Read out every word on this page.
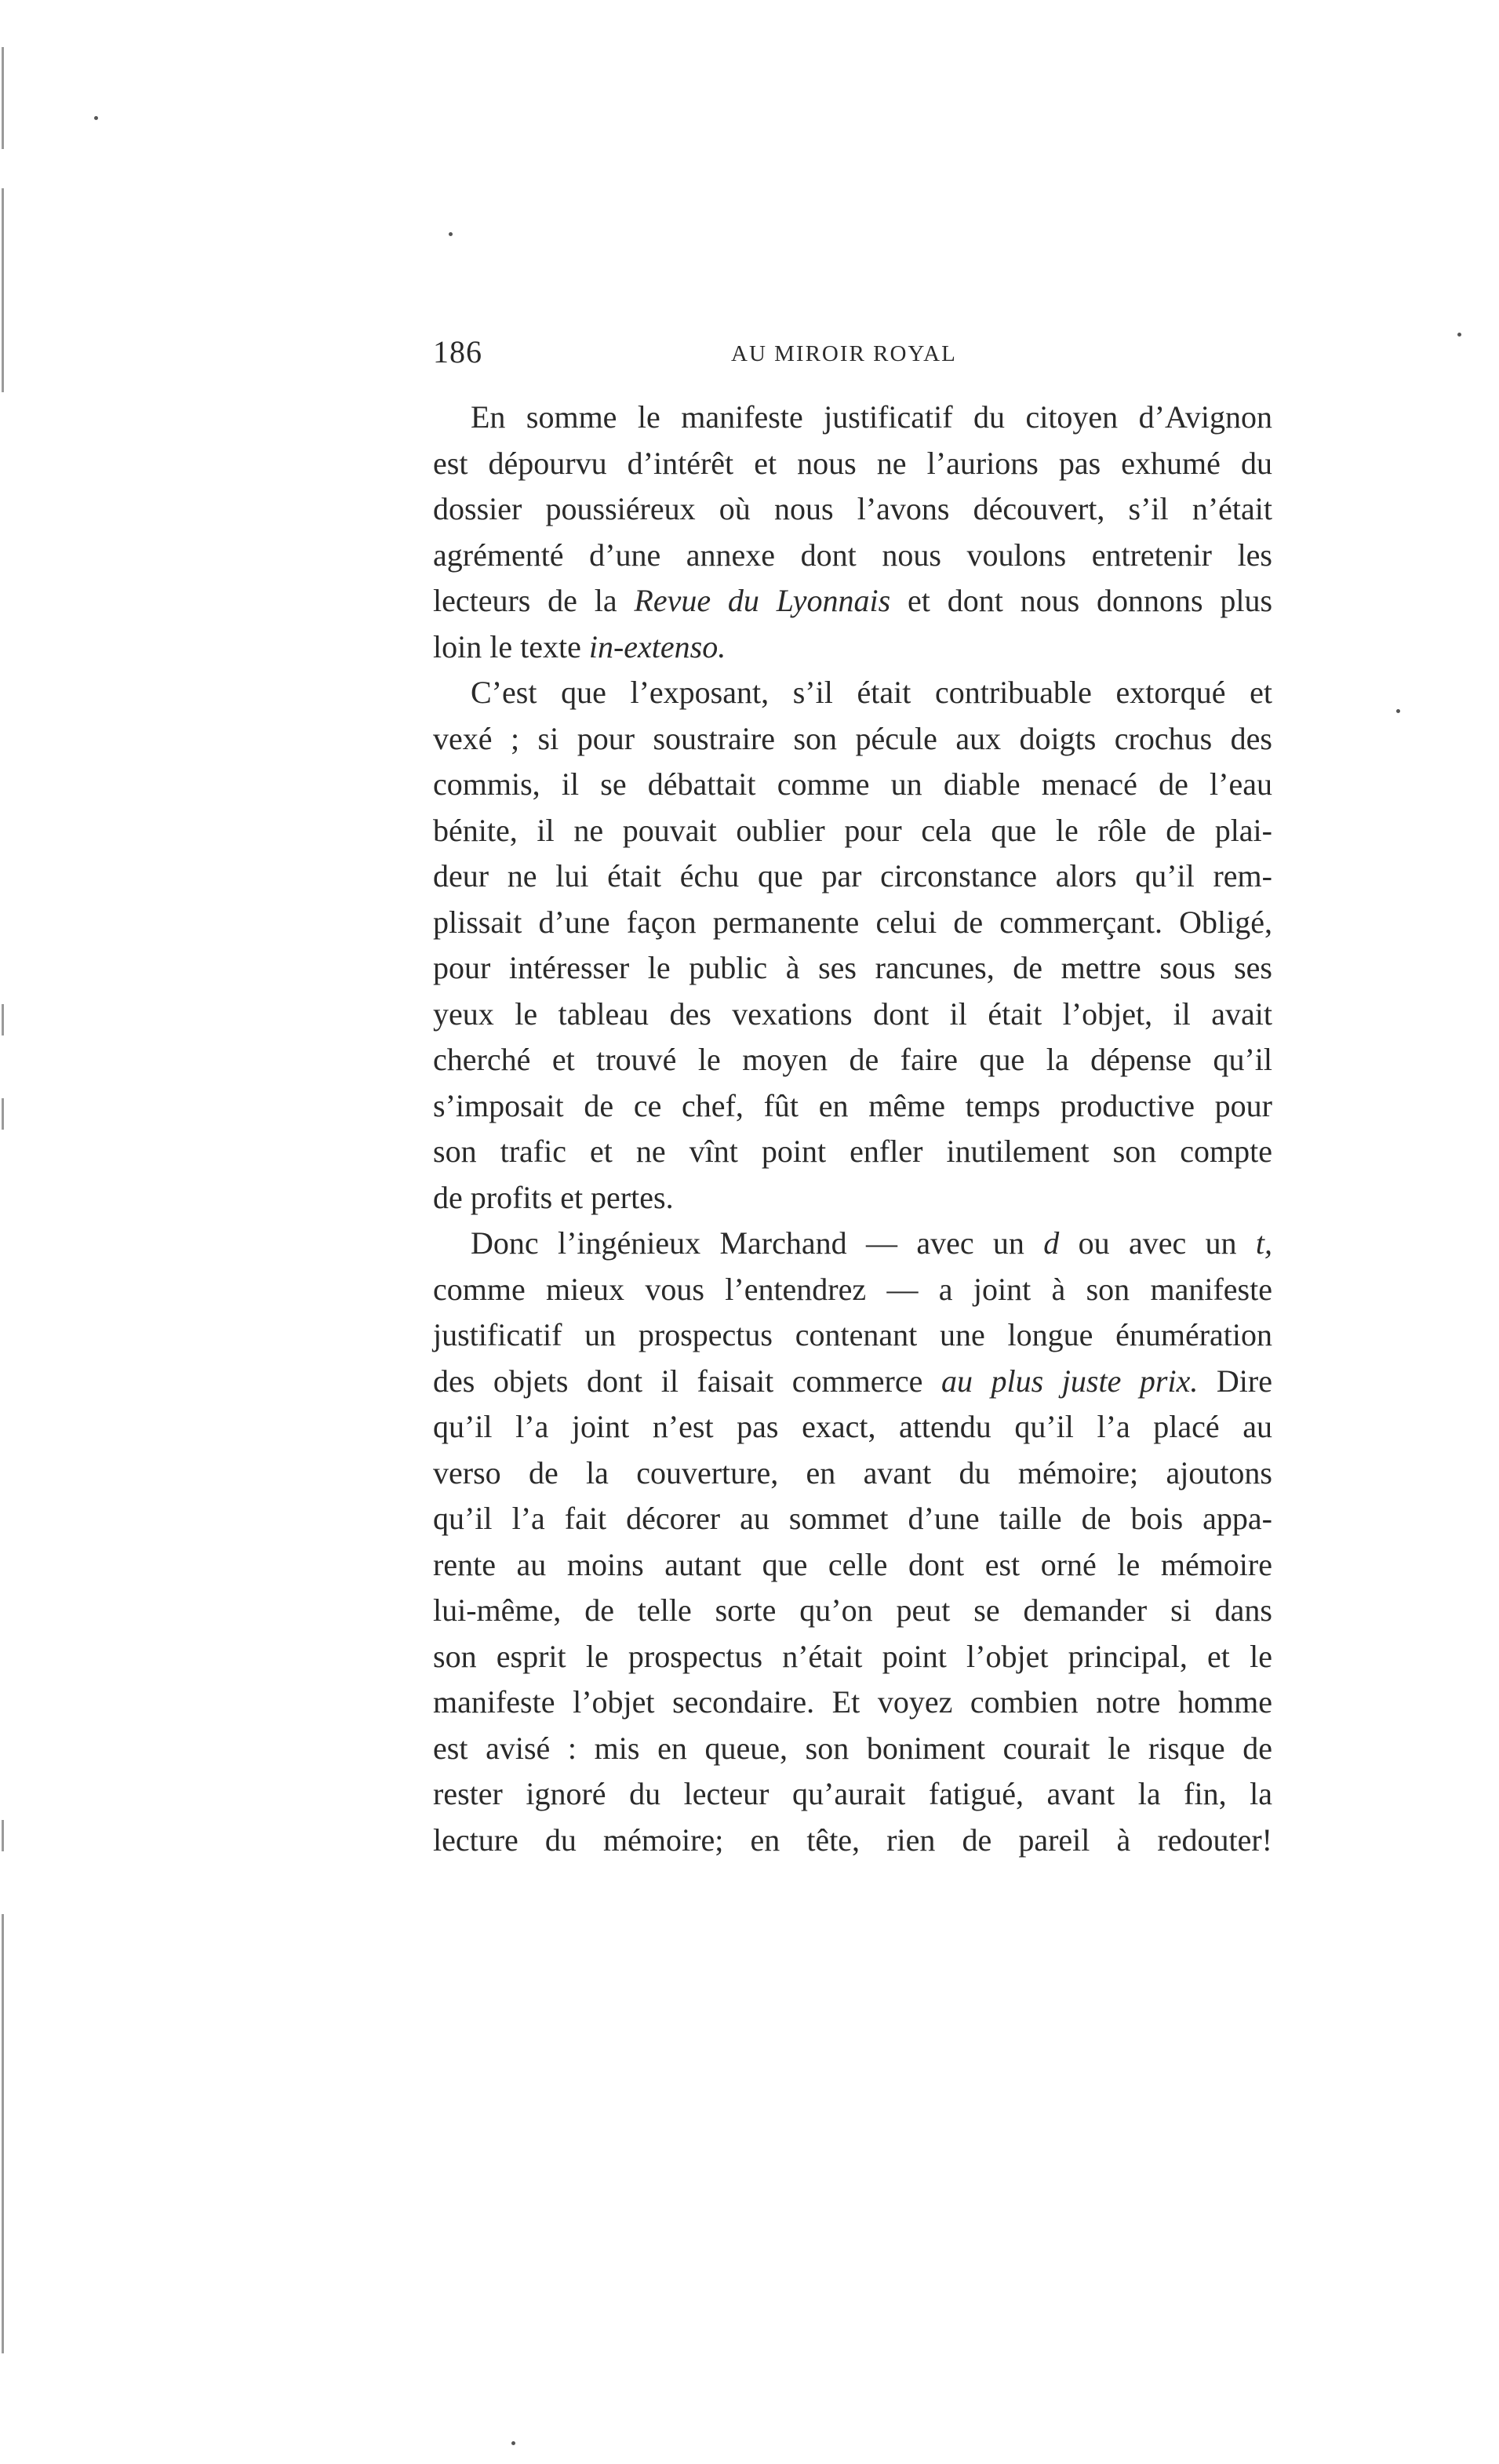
186	AU MIROIR ROYAL
En somme le manifeste justificatif du citoyen d’Avignon
est dépourvu d’intérêt et nous ne l’aurions pas exhumé du
dossier poussiéreux où nous l’avons découvert, s’il n’était
agrémenté d’une annexe dont nous voulons entretenir les
lecteurs de la Revue du Lyonnais et dont nous donnons plus
loin le texte in-extenso.
C’est que l’exposant, s’il était contribuable extorqué et
vexé ; si pour soustraire son pécule aux doigts crochus des
commis, il se débattait comme un diable menacé de l’eau
bénite, il ne pouvait oublier pour cela que le rôle de plai-
deur ne lui était échu que par circonstance alors qu’il rem-
plissait d’une façon permanente celui de commerçant. Obligé,
pour intéresser le public à ses rancunes, de mettre sous ses
yeux le tableau des vexations dont il était l’objet, il avait
cherché et trouvé le moyen de faire que la dépense qu’il
s’imposait de ce chef, fût en même temps productive pour
son trafic et ne vînt point enfler inutilement son compte
de profits et pertes.
Donc l’ingénieux Marchand — avec un d ou avec un t,
comme mieux vous l’entendrez — a joint à son manifeste
justificatif un prospectus contenant une longue énumération
des objets dont il faisait commerce au plus juste prix. Dire
qu’il l’a joint n’est pas exact, attendu qu’il l’a placé au
verso de la couverture, en avant du mémoire; ajoutons
qu’il l’a fait décorer au sommet d’une taille de bois appa-
rente au moins autant que celle dont est orné le mémoire
lui-même, de telle sorte qu’on peut se demander si dans
son esprit le prospectus n’était point l’objet principal, et le
manifeste l’objet secondaire. Et voyez combien notre homme
est avisé : mis en queue, son boniment courait le risque de
rester ignoré du lecteur qu’aurait fatigué, avant la fin, la
lecture du mémoire; en tête, rien de pareil à redouter!
